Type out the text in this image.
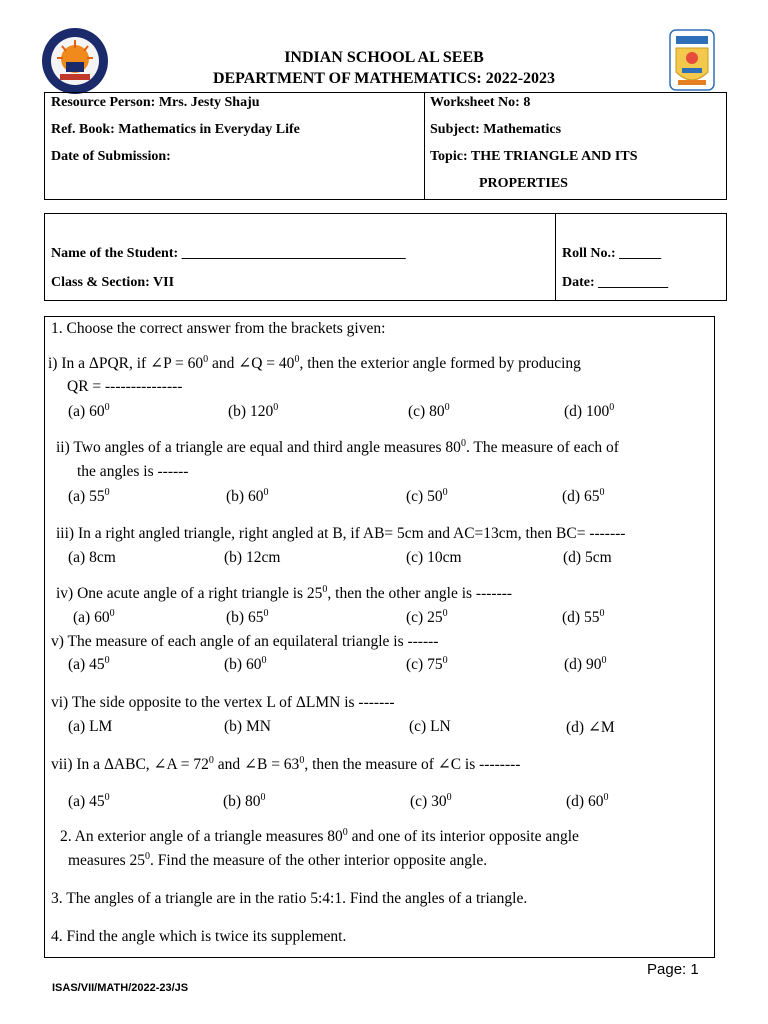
INDIAN SCHOOL AL SEEB
DEPARTMENT OF MATHEMATICS: 2022-2023
Resource Person: Mrs. Jesty Shaju
Ref. Book: Mathematics in Everyday Life
Date of Submission:
Worksheet No: 8
Subject: Mathematics
Topic: THE TRIANGLE AND ITS
PROPERTIES
Name of the Student: ________________________________
Class & Section: VII
Roll No.: ______
Date: __________
1. Choose the correct answer from the brackets given:
i) In a ΔPQR, if ∠P = $60^0$ and ∠Q = $40^0$, then the exterior angle formed by producing
QR = ---------------
(a) $60^0$	(b) $120^0$	(c) $80^0$	(d) $100^0$
ii) Two angles of a triangle are equal and third angle measures $80^0$. The measure of each of
the angles is ------
(a) $55^0$	(b) $60^0$	(c) $50^0$	(d) $65^0$
iii) In a right angled triangle, right angled at B, if AB= 5cm and AC=13cm, then BC= -------
(a) 8cm	(b) 12cm	(c) 10cm	(d) 5cm
iv) One acute angle of a right triangle is $25^0$, then the other angle is -------
(a) $60^0$	(b) $65^0$	(c) $25^0$	(d) $55^0$
v) The measure of each angle of an equilateral triangle is ------
(a) $45^0$	(b) $60^0$	(c) $75^0$	(d) $90^0$
vi) The side opposite to the vertex L of ΔLMN is -------
(a) LM	(b) MN	(c) LN	(d) ∠M
vii) In a ΔABC, ∠A = $72^0$ and ∠B = $63^0$, then the measure of ∠C is --------
(a) $45^0$	(b) $80^0$	(c) $30^0$	(d) $60^0$
2. An exterior angle of a triangle measures $80^0$ and one of its interior opposite angle
measures $25^0$. Find the measure of the other interior opposite angle.
3. The angles of a triangle are in the ratio 5:4:1. Find the angles of a triangle.
4. Find the angle which is twice its supplement.
Page: 1
ISAS/VII/MATH/2022-23/JS
